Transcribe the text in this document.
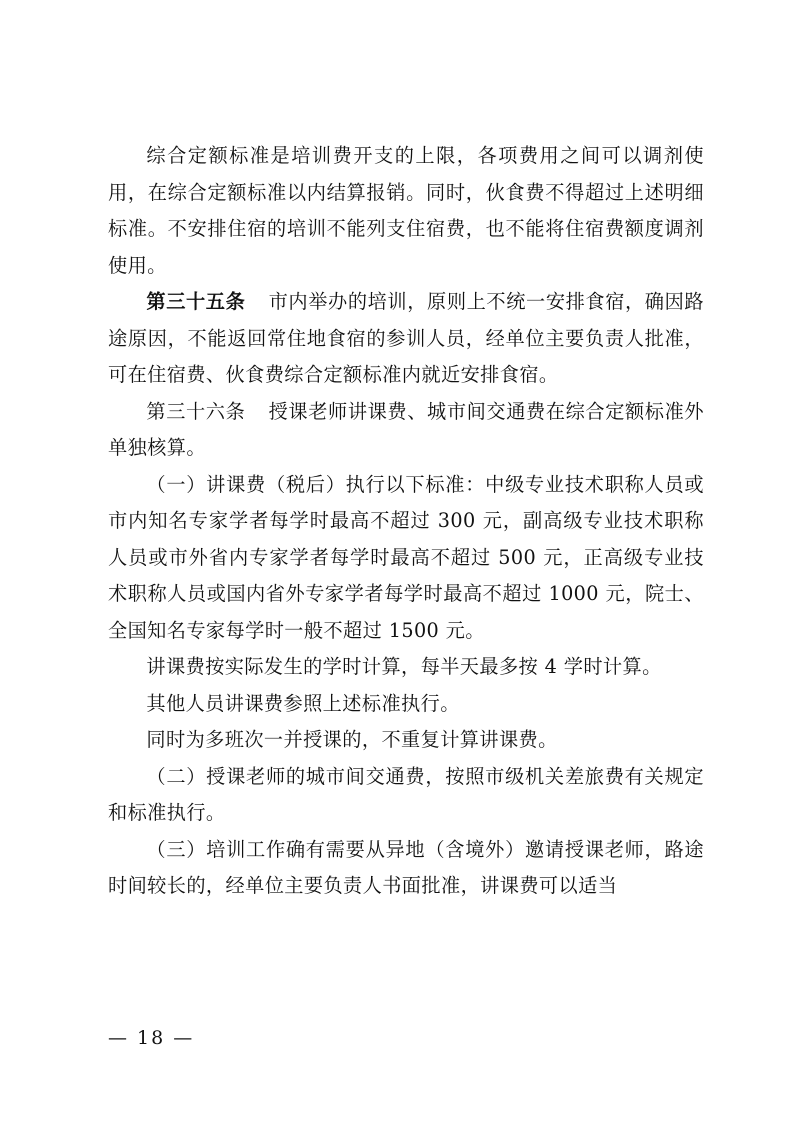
综合定额标准是培训费开支的上限，各项费用之间可以调剂使用，在综合定额标准以内结算报销。同时，伙食费不得超过上述明细标准。不安排住宿的培训不能列支住宿费，也不能将住宿费额度调剂使用。

第三十五条 市内举办的培训，原则上不统一安排食宿，确因路途原因，不能返回常住地食宿的参训人员，经单位主要负责人批准，可在住宿费、伙食费综合定额标准内就近安排食宿。

第三十六条 授课老师讲课费、城市间交通费在综合定额标准外单独核算。

（一）讲课费（税后）执行以下标准：中级专业技术职称人员或市内知名专家学者每学时最高不超过 300 元，副高级专业技术职称人员或市外省内专家学者每学时最高不超过 500 元，正高级专业技术职称人员或国内省外专家学者每学时最高不超过 1000 元，院士、全国知名专家每学时一般不超过 1500 元。

讲课费按实际发生的学时计算，每半天最多按 4 学时计算。

其他人员讲课费参照上述标准执行。

同时为多班次一并授课的，不重复计算讲课费。

（二）授课老师的城市间交通费，按照市级机关差旅费有关规定和标准执行。

（三）培训工作确有需要从异地（含境外）邀请授课老师，路途时间较长的，经单位主要负责人书面批准，讲课费可以适当

— 18 —
